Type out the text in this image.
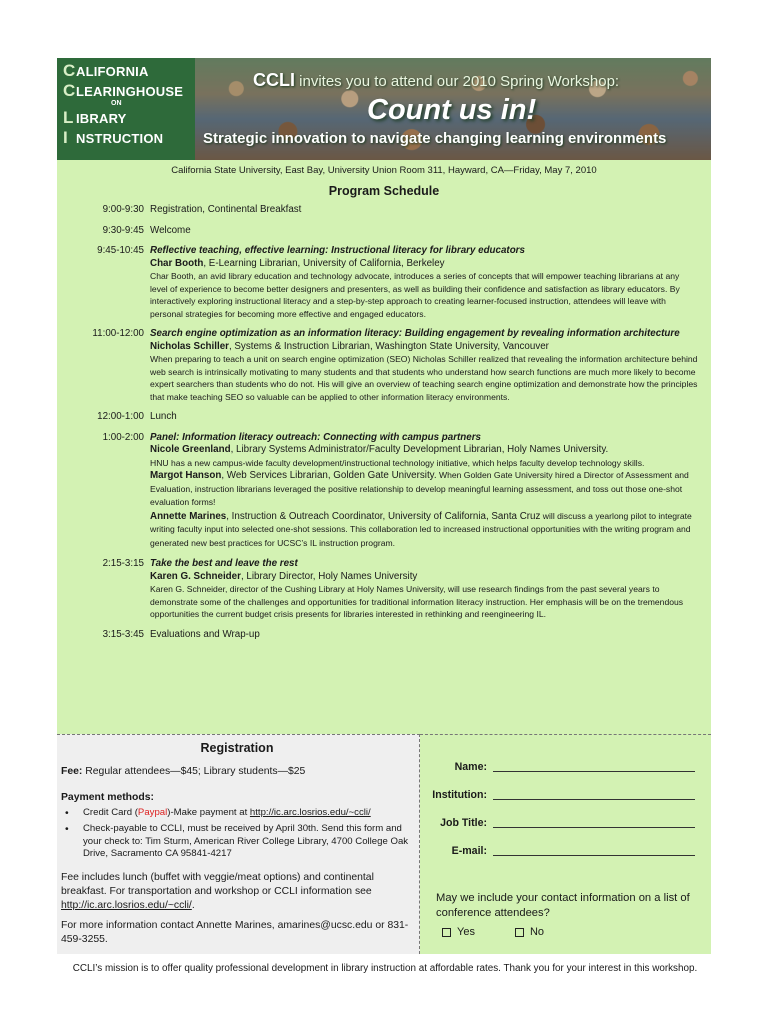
C ALIFORNIA
C LEARINGHOUSE
ON
L IBRARY
I NSTRUCTION
CCLI invites you to attend our 2010 Spring Workshop:
Count us in!
Strategic innovation to navigate changing learning environments
California State University, East Bay, University Union Room 311, Hayward, CA—Friday, May 7, 2010
Program Schedule
9:00-9:30 Registration, Continental Breakfast
9:30-9:45 Welcome
9:45-10:45 Reflective teaching, effective learning: Instructional literacy for library educators
Char Booth, E-Learning Librarian, University of California, Berkeley
Char Booth, an avid library education and technology advocate, introduces a series of concepts that will empower teaching librarians at any level of experience to become better designers and presenters, as well as building their confidence and satisfaction as library educators. By interactively exploring instructional literacy and a step-by-step approach to creating learner-focused instruction, attendees will leave with personal strategies for becoming more effective and engaged educators.
11:00-12:00 Search engine optimization as an information literacy: Building engagement by revealing information architecture
Nicholas Schiller, Systems & Instruction Librarian, Washington State University, Vancouver
When preparing to teach a unit on search engine optimization (SEO) Nicholas Schiller realized that revealing the information architecture behind web search is intrinsically motivating to many students and that students who understand how search functions are much more likely to become expert searchers than students who do not. His will give an overview of teaching search engine optimization and demonstrate how the principles that make teaching SEO so valuable can be applied to other information literacy environments.
12:00-1:00 Lunch
1:00-2:00 Panel: Information literacy outreach: Connecting with campus partners
Nicole Greenland, Library Systems Administrator/Faculty Development Librarian, Holy Names University.
HNU has a new campus-wide faculty development/instructional technology initiative, which helps faculty develop technology skills.
Margot Hanson, Web Services Librarian, Golden Gate University. When Golden Gate University hired a Director of Assessment and Evaluation, instruction librarians leveraged the positive relationship to develop meaningful learning assessment, and toss out those one-shot evaluation forms!
Annette Marines, Instruction & Outreach Coordinator, University of California, Santa Cruz will discuss a yearlong pilot to integrate writing faculty input into selected one-shot sessions. This collaboration led to increased instructional opportunities with the writing program and generated new best practices for UCSC’s IL instruction program.
2:15-3:15 Take the best and leave the rest
Karen G. Schneider, Library Director, Holy Names University
Karen G. Schneider, director of the Cushing Library at Holy Names University, will use research findings from the past several years to demonstrate some of the challenges and opportunities for traditional information literacy instruction. Her emphasis will be on the tremendous opportunities the current budget crisis presents for libraries interested in rethinking and reengineering IL.
3:15-3:45 Evaluations and Wrap-up
Registration
Fee: Regular attendees—$45; Library students—$25
Payment methods:
•	Credit Card (Paypal)-Make payment at http://ic.arc.losrios.edu/~ccli/
•	Check-payable to CCLI, must be received by April 30th. Send this form and your check to: Tim Sturm, American River College Library, 4700 College Oak Drive, Sacramento CA 95841-4217
Fee includes lunch (buffet with veggie/meat options) and continental breakfast. For transportation and workshop or CCLI information see http://ic.arc.losrios.edu/~ccli/.
For more information contact Annette Marines, amarines@ucsc.edu or 831-459-3255.
Name:
Institution:
Job Title:
E-mail:
May we include your contact information on a list of conference attendees?
Yes	No
CCLI’s mission is to offer quality professional development in library instruction at affordable rates. Thank you for your interest in this workshop.
